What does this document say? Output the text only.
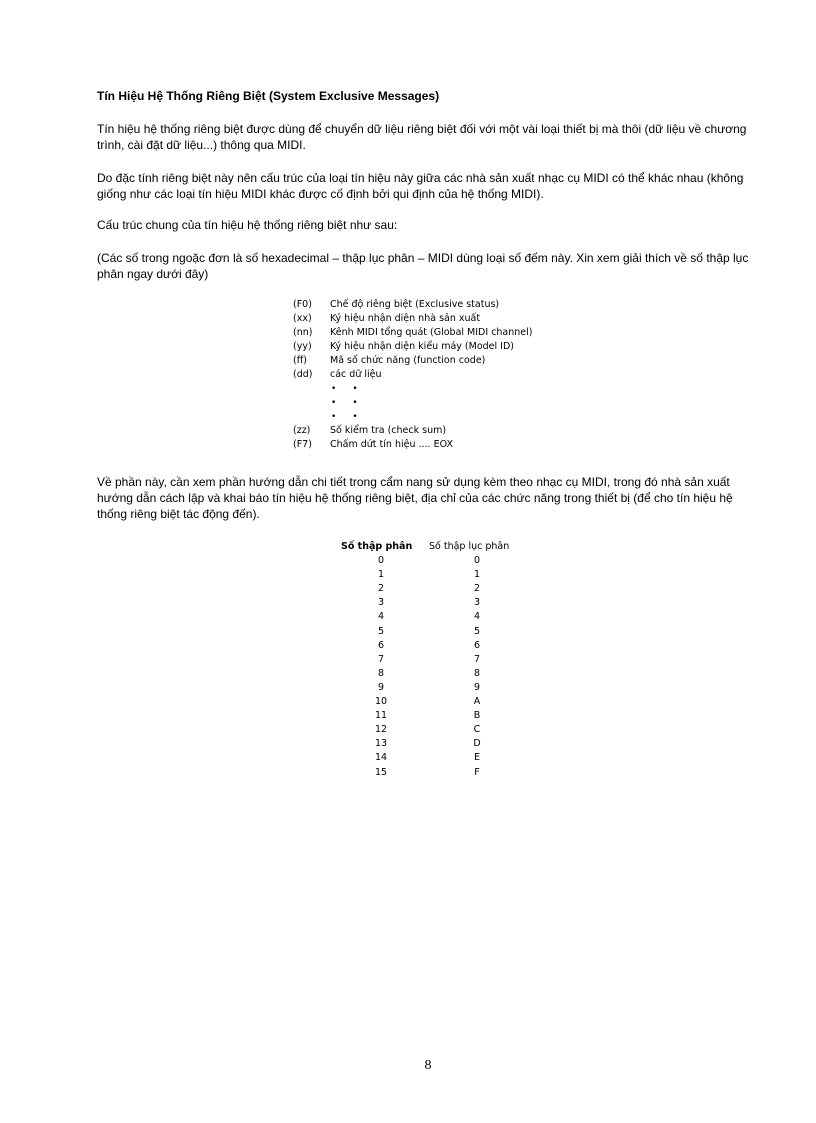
Tín Hiệu Hệ Thống Riêng Biệt (System Exclusive Messages)
Tín hiệu hệ thống riêng biệt được dùng để chuyển dữ liệu riêng biệt đối với một vài loại thiết bị mà thôi (dữ liệu về chương trình, cài đặt dữ liệu...) thông qua MIDI.
Do đặc tính riêng biệt này nên cấu trúc của loại tín hiệu này giữa các nhà sản xuất nhạc cụ MIDI có thể khác nhau (không giống như các loại tín hiệu MIDI khác được cố định bởi qui định của hệ thống MIDI).
Cấu trúc chung của tín hiệu hệ thống riêng biệt như sau:
(Các số trong ngoặc đơn là số hexadecimal – thập lục phân – MIDI dùng loại số đếm này. Xin xem giải thích về số thập lục phân ngay dưới đây)
(F0)	Chế độ riêng biệt (Exclusive status)
(xx)	Ký hiệu nhận diện nhà sản xuất
(nn)	Kênh MIDI tổng quát (Global MIDI channel)
(yy)	Ký hiệu nhận diện kiểu máy (Model ID)
(ff)	Mã số chức năng (function code)
(dd)	các dữ liệu
• •
• •
• •
(zz)	Số kiểm tra (check sum)
(F7)	Chấm dứt tín hiệu .... EOX
Về phần này, cần xem phần hướng dẫn chi tiết trong cẩm nang sử dụng kèm theo nhạc cụ MIDI, trong đó nhà sản xuất hướng dẫn cách lập và khai báo tín hiệu hệ thống riêng biệt, địa chỉ của các chức năng trong thiết bị (để cho tín hiệu hệ thống riêng biệt tác động đến).
Số thập phân	Số thập lục phân
0	0
1	1
2	2
3	3
4	4
5	5
6	6
7	7
8	8
9	9
10	A
11	B
12	C
13	D
14	E
15	F
8
